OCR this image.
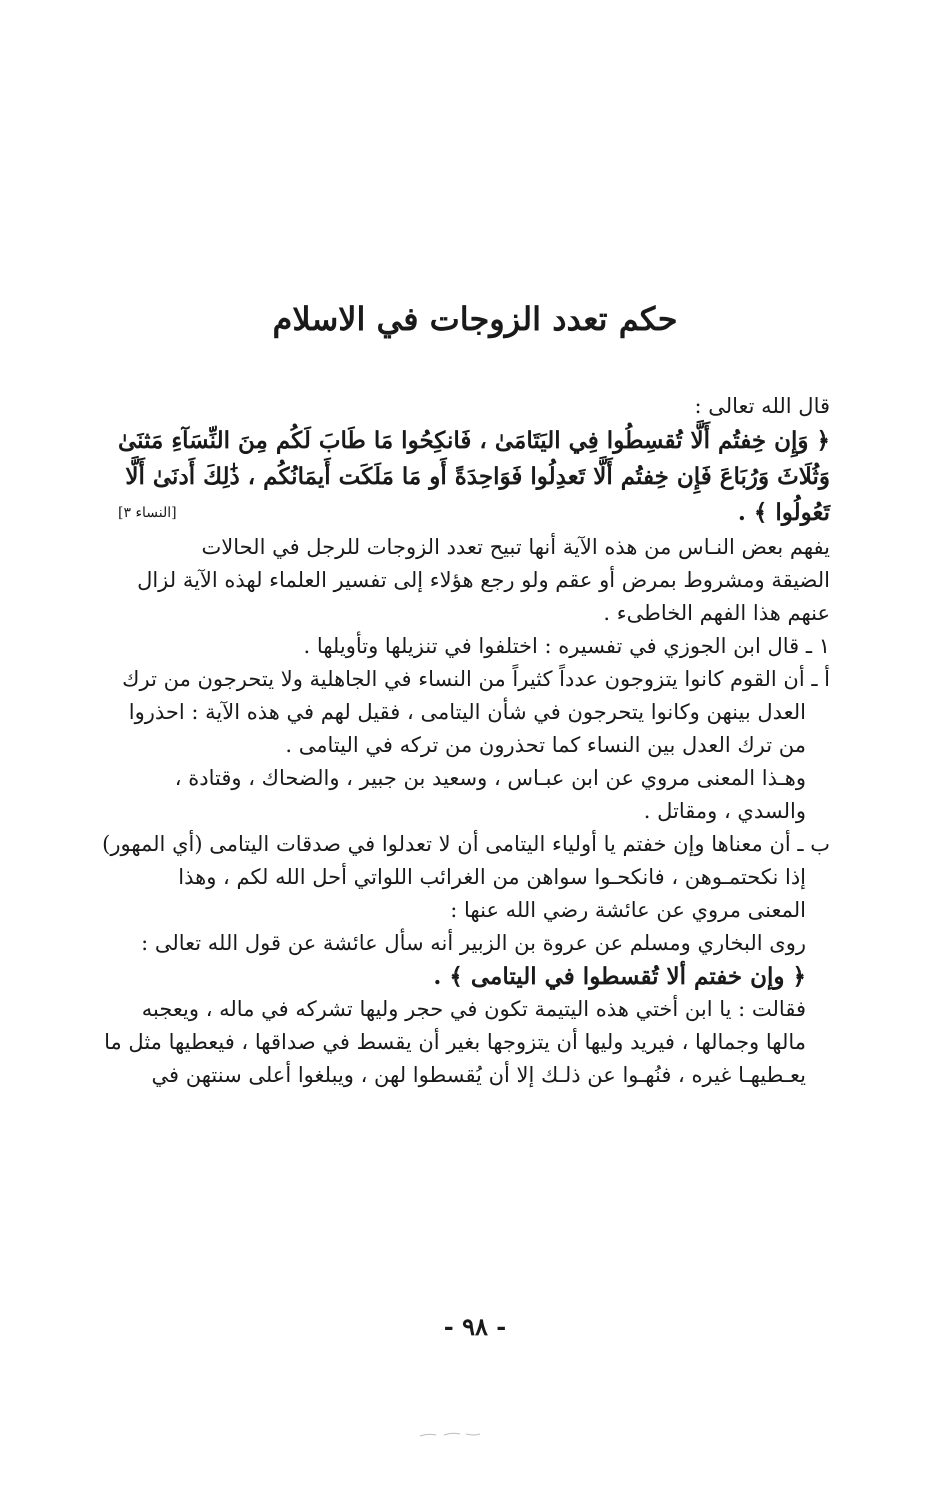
حكم تعدد الزوجات في الاسلام
قال الله تعالى :
﴿ وَإِن خِفتُم أَلَّا تُقسِطُوا فِي اليَتَامَىٰ ، فَانكِحُوا مَا طَابَ لَكُم مِنَ النِّسَآءِ مَثنَىٰ
وَثُلَاثَ وَرُبَاعَ فَإِن خِفتُم أَلَّا تَعدِلُوا فَوَاحِدَةً أَو مَا مَلَكَت أَيمَانُكُم ، ذَٰلِكَ أَدنَىٰ أَلَّا
تَعُولُوا ﴾ .
[النساء ٣]
يفهم بعض النـاس من هذه الآية أنها تبيح تعدد الزوجات للرجل في الحالات
الضيقة ومشروط بمرض أو عقم ولو رجع هؤلاء إلى تفسير العلماء لهذه الآية لزال
عنهم هذا الفهم الخاطىء .
١ ـ قال ابن الجوزي في تفسيره : اختلفوا في تنزيلها وتأويلها .
أ ـ أن القوم كانوا يتزوجون عدداً كثيراً من النساء في الجاهلية ولا يتحرجون من ترك
العدل بينهن وكانوا يتحرجون في شأن اليتامى ، فقيل لهم في هذه الآية : احذروا
من ترك العدل بين النساء كما تحذرون من تركه في اليتامى .
وهـذا المعنى مروي عن ابن عبـاس ، وسعيد بن جبير ، والضحاك ، وقتادة ،
والسدي ، ومقاتل .
ب ـ أن معناها وإن خفتم يا أولياء اليتامى أن لا تعدلوا في صدقات اليتامى (أي المهور)
إذا نكحتمـوهن ، فانكحـوا سواهن من الغرائب اللواتي أحل الله لكم ، وهذا
المعنى مروي عن عائشة رضي الله عنها :
روى البخاري ومسلم عن عروة بن الزبير أنه سأل عائشة عن قول الله تعالى :
﴿ وإن خفتم ألا تُقسطوا في اليتامى ﴾ .
فقالت : يا ابن أختي هذه اليتيمة تكون في حجر وليها تشركه في ماله ، ويعجبه
مالها وجمالها ، فيريد وليها أن يتزوجها بغير أن يقسط في صداقها ، فيعطيها مثل ما
يعـطيهـا غيره ، فنُهـوا عن ذلـك إلا أن يُقسطوا لهن ، ويبلغوا أعلى سنتهن في
- ٩٨ -
